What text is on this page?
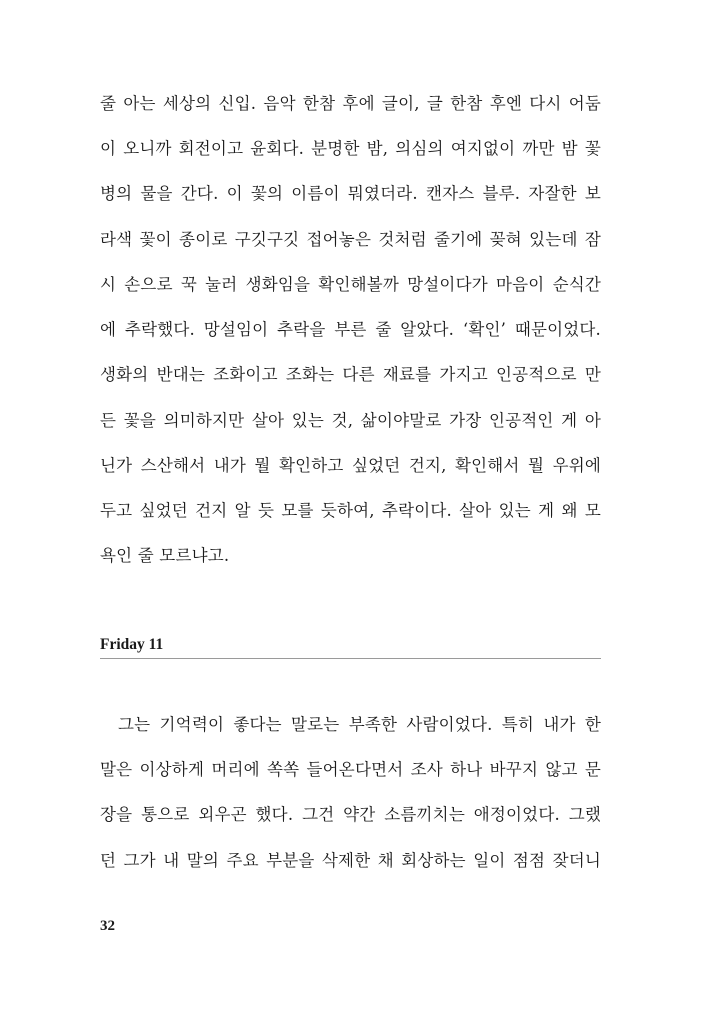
줄 아는 세상의 신입. 음악 한참 후에 글이, 글 한참 후엔 다시 어둠
이 오니까 회전이고 윤회다. 분명한 밤, 의심의 여지없이 까만 밤 꽃
병의 물을 간다. 이 꽃의 이름이 뭐였더라. 캔자스 블루. 자잘한 보
라색 꽃이 종이로 구깃구깃 접어놓은 것처럼 줄기에 꽂혀 있는데 잠
시 손으로 꾹 눌러 생화임을 확인해볼까 망설이다가 마음이 순식간
에 추락했다. 망설임이 추락을 부른 줄 알았다. ‘확인’ 때문이었다.
생화의 반대는 조화이고 조화는 다른 재료를 가지고 인공적으로 만
든 꽃을 의미하지만 살아 있는 것, 삶이야말로 가장 인공적인 게 아
닌가 스산해서 내가 뭘 확인하고 싶었던 건지, 확인해서 뭘 우위에
두고 싶었던 건지 알 듯 모를 듯하여, 추락이다. 살아 있는 게 왜 모
욕인 줄 모르냐고.
Friday 11
그는 기억력이 좋다는 말로는 부족한 사람이었다. 특히 내가 한
말은 이상하게 머리에 쏙쏙 들어온다면서 조사 하나 바꾸지 않고 문
장을 통으로 외우곤 했다. 그건 약간 소름끼치는 애정이었다. 그랬
던 그가 내 말의 주요 부분을 삭제한 채 회상하는 일이 점점 잦더니
32
